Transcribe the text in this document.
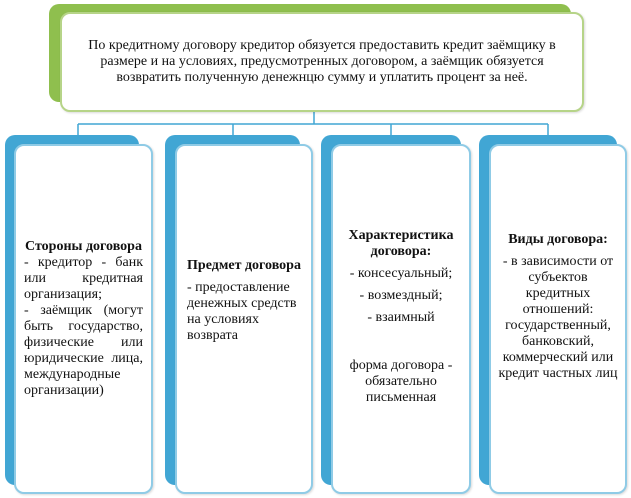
По кредитному договору кредитор обязуется предоставить кредит заёмщику в размере и на условиях, предусмотренных договором, а заёмщик обязуется возвратить полученную денежнцю сумму и уплатить процент за неё.
Стороны договора
- кредитор - банк или кредитная организация;
- заёмщик (могут быть государство, физические или юридические лица, международные организации)
Предмет договора
- предоставление денежных средств на условиях возврата
Характеристика договора:
- консесуальный;
- возмездный;
- взаимный
форма договора - обязательно письменная
Виды договора:
- в зависимости от субъектов кредитных отношений: государственный, банковский, коммерческий или кредит частных лиц
